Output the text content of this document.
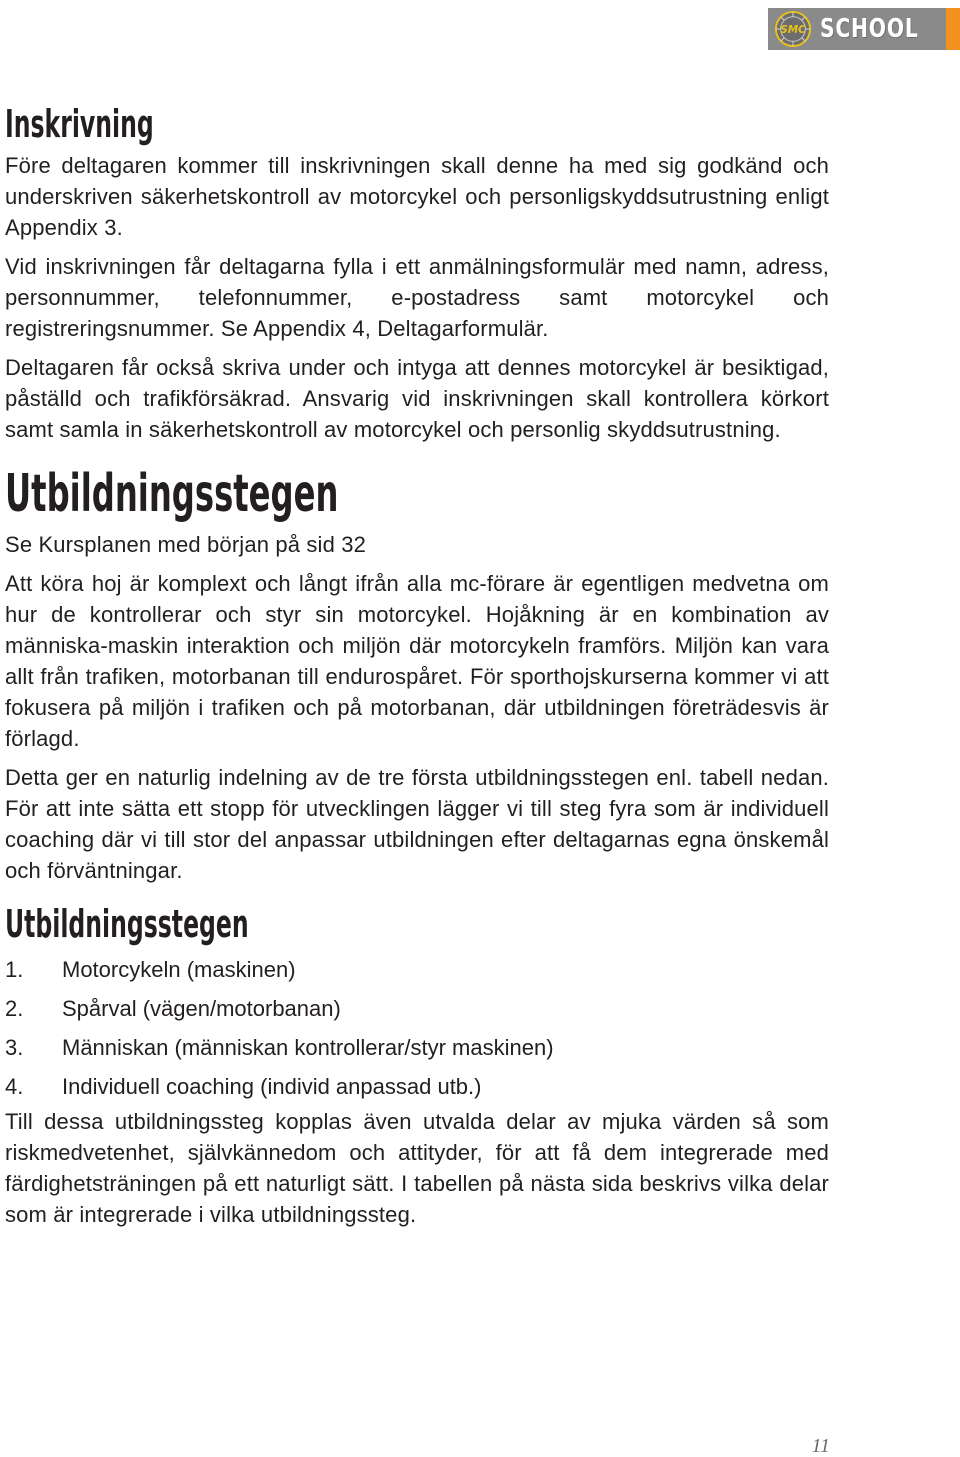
SMC SCHOOL
Inskrivning

Före deltagaren kommer till inskrivningen skall denne ha med sig godkänd och underskriven säkerhetskontroll av motorcykel och personligskyddsutrustning enligt Appendix 3.

Vid inskrivningen får deltagarna fylla i ett anmälningsformulär med namn, adress, personnummer, telefonnummer, e-postadress samt motorcykel och registreringsnummer. Se Appendix 4, Deltagarformulär.

Deltagaren får också skriva under och intyga att dennes motorcykel är besiktigad, påställd och trafikförsäkrad. Ansvarig vid inskrivningen skall kontrollera körkort samt samla in säkerhetskontroll av motorcykel och personlig skyddsutrustning.

Utbildningsstegen

Se Kursplanen med början på sid 32

Att köra hoj är komplext och långt ifrån alla mc-förare är egentligen medvetna om hur de kontrollerar och styr sin motorcykel. Hojåkning är en kombination av människa-maskin interaktion och miljön där motorcykeln framförs. Miljön kan vara allt från trafiken, motorbanan till endurospåret. För sporthojskurserna kommer vi att fokusera på miljön i trafiken och på motorbanan, där utbildningen företrädesvis är förlagd.

Detta ger en naturlig indelning av de tre första utbildningsstegen enl. tabell nedan. För att inte sätta ett stopp för utvecklingen lägger vi till steg fyra som är individuell coaching där vi till stor del anpassar utbildningen efter deltagarnas egna önskemål och förväntningar.

Utbildningsstegen
1.	Motorcykeln (maskinen)
2.	Spårval (vägen/motorbanan)
3.	Människan (människan kontrollerar/styr maskinen)
4.	Individuell coaching (individ anpassad utb.)

Till dessa utbildningssteg kopplas även utvalda delar av mjuka värden så som riskmedvetenhet, självkännedom och attityder, för att få dem integrerade med färdighetsträningen på ett naturligt sätt. I tabellen på nästa sida beskrivs vilka delar som är integrerade i vilka utbildningssteg.

11
